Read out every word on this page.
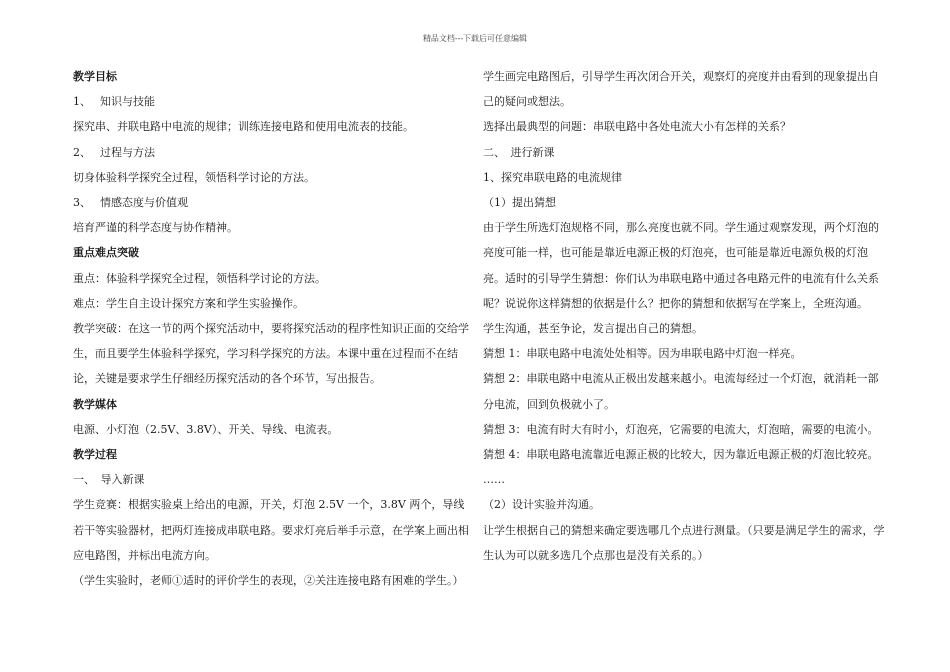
精品文档---下载后可任意编辑

教学目标

1、　 知识与技能

探究串、并联电路中电流的规律；训练连接电路和使用电流表的技能。

2、　 过程与方法

切身体验科学探究全过程，领悟科学讨论的方法。

3、　 情感态度与价值观

培育严谨的科学态度与协作精神。

重点难点突破

重点：体验科学探究全过程，领悟科学讨论的方法。

难点：学生自主设计探究方案和学生实验操作。

教学突破：在这一节的两个探究活动中，要将探究活动的程序性知识正面的交给学生，而且要学生体验科学探究，学习科学探究的方法。本课中重在过程而不在结论，关键是要求学生仔细经历探究活动的各个环节，写出报告。

教学媒体

电源、小灯泡（2.5V、3.8V）、开关、导线、电流表。

教学过程

一、　导入新课

学生竞赛：根据实验桌上给出的电源，开关，灯泡 2.5V 一个，3.8V 两个，导线若干等实验器材，把两灯连接成串联电路。要求灯亮后举手示意，在学案上画出相应电路图，并标出电流方向。

（学生实验时，老师①适时的评价学生的表现，②关注连接电路有困难的学生。）

学生画完电路图后，引导学生再次闭合开关，观察灯的亮度并由看到的现象提出自己的疑问或想法。

选择出最典型的问题：串联电路中各处电流大小有怎样的关系？

二、　进行新课

1、探究串联电路的电流规律

（1）提出猜想

由于学生所选灯泡规格不同，那么亮度也就不同。学生通过观察发现，两个灯泡的亮度可能一样，也可能是靠近电源正极的灯泡亮，也可能是靠近电源负极的灯泡亮。适时的引导学生猜想：你们认为串联电路中通过各电路元件的电流有什么关系呢？说说你这样猜想的依据是什么？把你的猜想和依据写在学案上，全班沟通。

学生沟通，甚至争论，发言提出自己的猜想。

猜想 1：串联电路中电流处处相等。因为串联电路中灯泡一样亮。

猜想 2：串联电路中电流从正极出发越来越小。电流每经过一个灯泡，就消耗一部分电流，回到负极就小了。

猜想 3：电流有时大有时小，灯泡亮，它需要的电流大，灯泡暗，需要的电流小。

猜想 4：串联电路电流靠近电源正极的比较大，因为靠近电源正极的灯泡比较亮。

……

（2）设计实验并沟通。

让学生根据自己的猜想来确定要选哪几个点进行测量。（只要是满足学生的需求，学生认为可以就多选几个点那也是没有关系的。）
